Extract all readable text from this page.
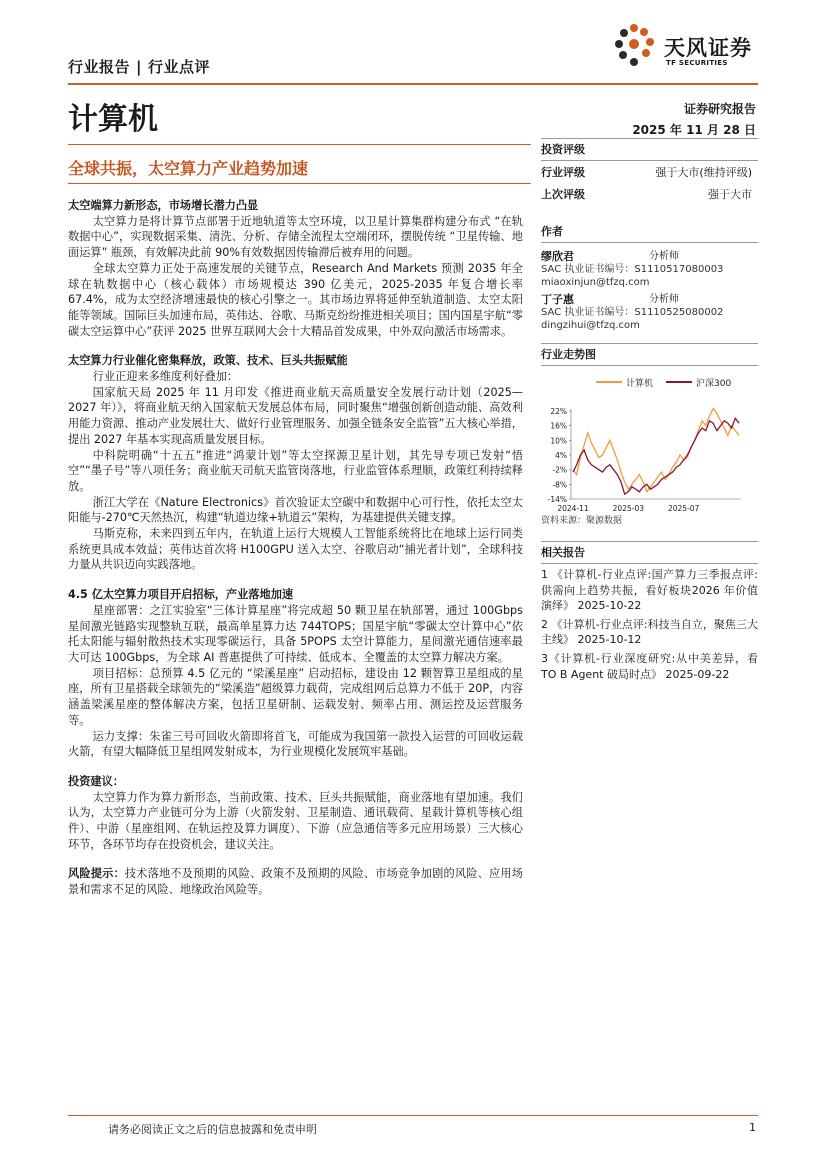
行业报告 | 行业点评
天风证券
TF SECURITIES
计算机	证券研究报告
2025 年 11 月 28 日
全球共振，太空算力产业趋势加速
太空端算力新形态，市场增长潜力凸显

太空算力是将计算节点部署于近地轨道等太空环境，以卫星计算集群构建分布式 “在轨数据中心”，实现数据采集、清洗、分析、存储全流程太空端闭环，摆脱传统 “卫星传输、地面运算” 瓶颈，有效解决此前 90%有效数据因传输滞后被弃用的问题。

全球太空算力正处于高速发展的关键节点，Research And Markets 预测 2035 年全球在轨数据中心（核心载体）市场规模达 390 亿美元，2025-2035 年复合增长率 67.4%，成为太空经济增速最快的核心引擎之一。其市场边界将延伸至轨道制造、太空太阳能等领域。国际巨头加速布局，英伟达、谷歌、马斯克纷纷推进相关项目；国内国星宇航“零碳太空运算中心”获评 2025 世界互联网大会十大精品首发成果，中外双向激活市场需求。

太空算力行业催化密集释放，政策、技术、巨头共振赋能

行业正迎来多维度利好叠加：

国家航天局 2025 年 11 月印发《推进商业航天高质量安全发展行动计划（2025—2027 年）》，将商业航天纳入国家航天发展总体布局，同时聚焦“增强创新创造动能、高效利用能力资源、推动产业发展壮大、做好行业管理服务、加强全链条安全监管”五大核心举措，提出 2027 年基本实现高质量发展目标。

中科院明确“十五五”推进“鸿蒙计划”等太空探源卫星计划，其先导专项已发射“悟空”“墨子号”等八项任务；商业航天司航天监管岗落地，行业监管体系理顺，政策红利持续释放。

浙江大学在《Nature Electronics》首次验证太空碳中和数据中心可行性，依托太空太阳能与-270℃天然热沉，构建“轨道边缘+轨道云”架构，为基建提供关键支撑。

马斯克称，未来四到五年内，在轨道上运行大规模人工智能系统将比在地球上运行同类系统更具成本效益；英伟达首次将 H100GPU 送入太空、谷歌启动“捕光者计划”，全球科技力量从共识迈向实践落地。

4.5 亿太空算力项目开启招标，产业落地加速

星座部署：之江实验室“三体计算星座”将完成超 50 颗卫星在轨部署，通过 100Gbps 星间激光链路实现整轨互联，最高单星算力达 744TOPS；国星宇航“零碳太空计算中心”依托太阳能与辐射散热技术实现零碳运行，具备 5POPS 太空计算能力，星间激光通信速率最大可达 100Gbps，为全球 AI 普惠提供了可持续、低成本、全覆盖的太空算力解决方案。

项目招标：总预算 4.5 亿元的 “梁溪星座” 启动招标，建设由 12 颗智算卫星组成的星座，所有卫星搭载全球领先的“梁溪造”超级算力载荷，完成组网后总算力不低于 20P，内容涵盖梁溪星座的整体解决方案，包括卫星研制、运载发射、频率占用、测运控及运营服务等。

运力支撑：朱雀三号可回收火箭即将首飞，可能成为我国第一款投入运营的可回收运载火箭，有望大幅降低卫星组网发射成本，为行业规模化发展筑牢基础。

投资建议：

太空算力作为算力新形态，当前政策、技术、巨头共振赋能，商业落地有望加速。我们认为，太空算力产业链可分为上游（火箭发射、卫星制造、通讯载荷、星载计算机等核心组件）、中游（星座组网、在轨运控及算力调度）、下游（应急通信等多元应用场景）三大核心环节，各环节均存在投资机会，建议关注。

风险提示：技术落地不及预期的风险、政策不及预期的风险、市场竞争加剧的风险、应用场景和需求不足的风险、地缘政治风险等。

投资评级
行业评级	强于大市(维持评级)
上次评级	强于大市
作者
缪欣君	分析师
SAC 执业证书编号：S1110517080003
miaoxinjun@tfzq.com
丁子惠	分析师
SAC 执业证书编号：S1110525080002
dingzihui@tfzq.com
行业走势图
计算机	沪深300
22%
16%
10%
4%
-2%
-8%
-14%
2024-11	2025-03	2025-07
资料来源：聚源数据
相关报告
1 《计算机-行业点评:国产算力三季报点评:供需向上趋势共振，看好板块2026 年价值演绎》 2025-10-22
2 《计算机-行业点评:科技当自立，聚焦三大主线》 2025-10-12
3《计算机-行业深度研究:从中美差异，看 TO B Agent 破局时点》 2025-09-22
请务必阅读正文之后的信息披露和免责申明	1
